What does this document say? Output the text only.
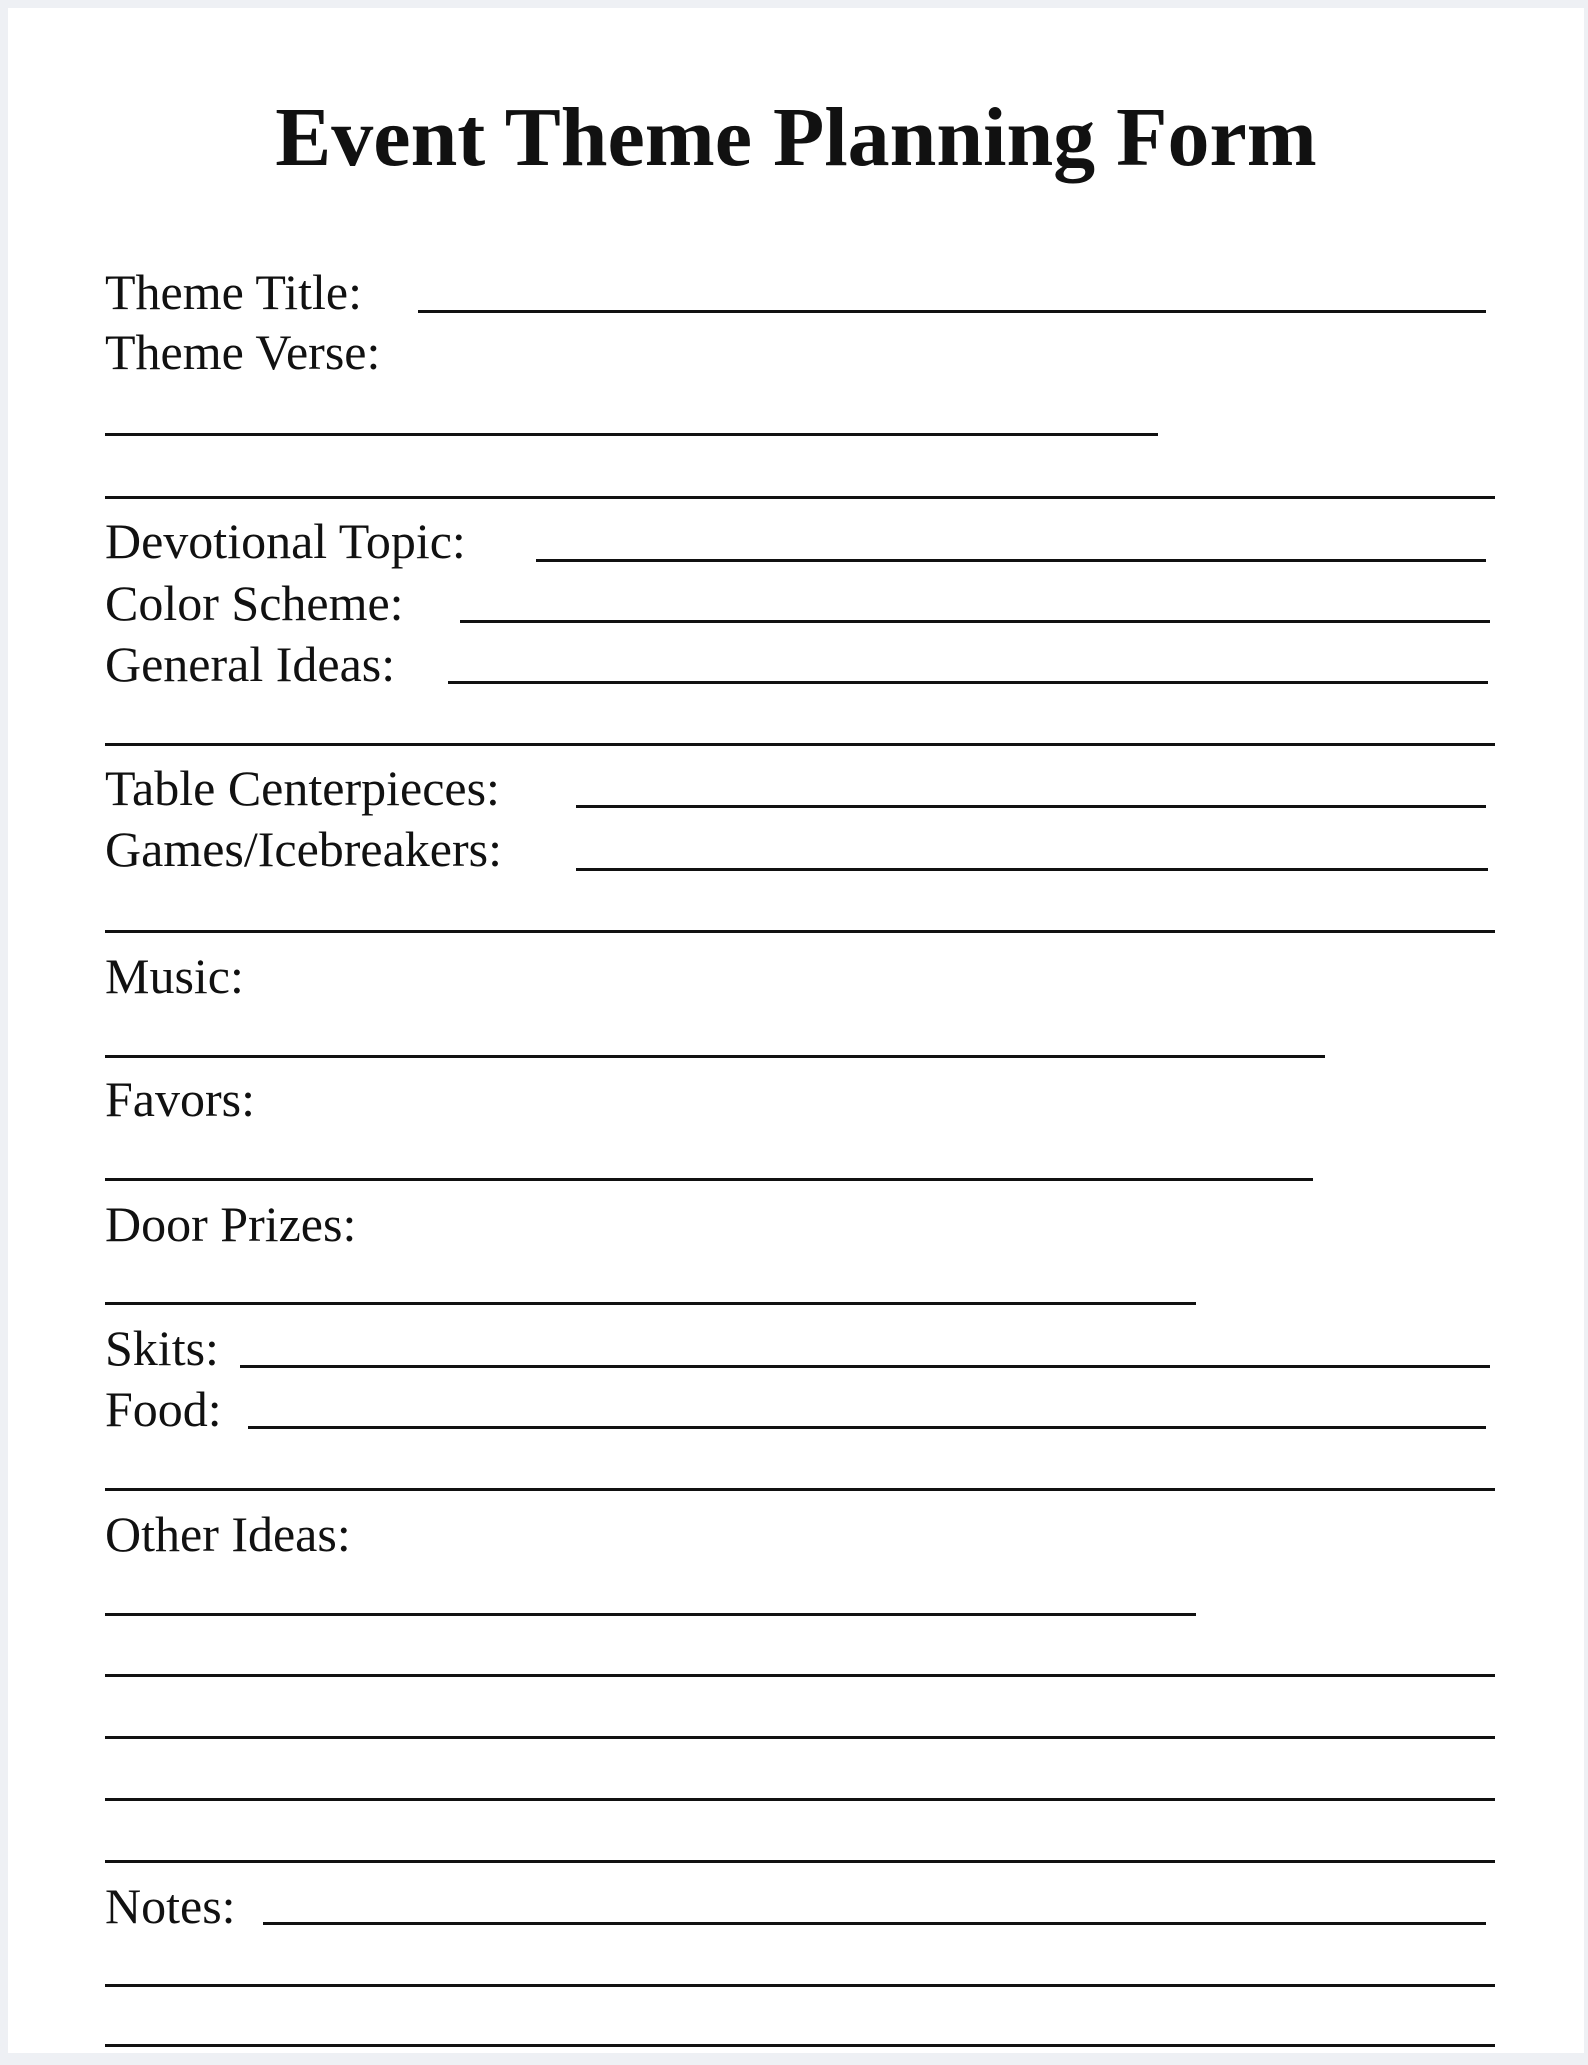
Event Theme Planning Form
Theme Title:
Theme Verse:
Devotional Topic:
Color Scheme:
General Ideas:
Table Centerpieces:
Games/Icebreakers:
Music:
Favors:
Door Prizes:
Skits:
Food:
Other Ideas:
Notes:
